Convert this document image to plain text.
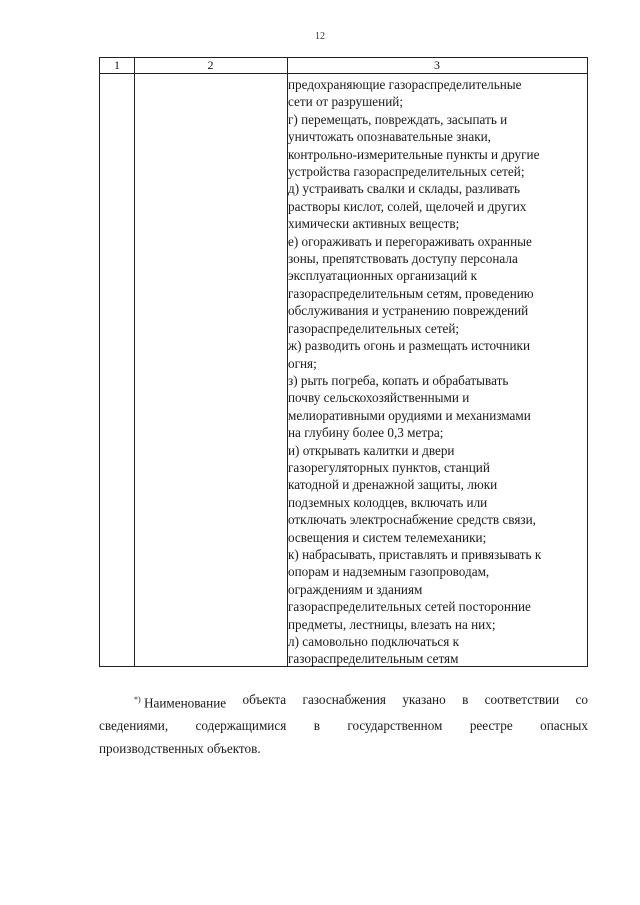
12
1	2	3
предохраняющие газораспределительные
сети от разрушений;
г) перемещать, повреждать, засыпать и
уничтожать опознавательные знаки,
контрольно-измерительные пункты и другие
устройства газораспределительных сетей;
д) устраивать свалки и склады, разливать
растворы кислот, солей, щелочей и других
химически активных веществ;
е) огораживать и перегораживать охранные
зоны, препятствовать доступу персонала
эксплуатационных организаций к
газораспределительным сетям, проведению
обслуживания и устранению повреждений
газораспределительных сетей;
ж) разводить огонь и размещать источники
огня;
з) рыть погреба, копать и обрабатывать
почву сельскохозяйственными и
мелиоративными орудиями и механизмами
на глубину более 0,3 метра;
и) открывать калитки и двери
газорегуляторных пунктов, станций
катодной и дренажной защиты, люки
подземных колодцев, включать или
отключать электроснабжение средств связи,
освещения и систем телемеханики;
к) набрасывать, приставлять и привязывать к
опорам и надземным газопроводам,
ограждениям и зданиям
газораспределительных сетей посторонние
предметы, лестницы, влезать на них;
л) самовольно подключаться к
газораспределительным сетям
*) Наименование объекта газоснабжения указано в соответствии со
сведениями, содержащимися в государственном реестре опасных
производственных объектов.
